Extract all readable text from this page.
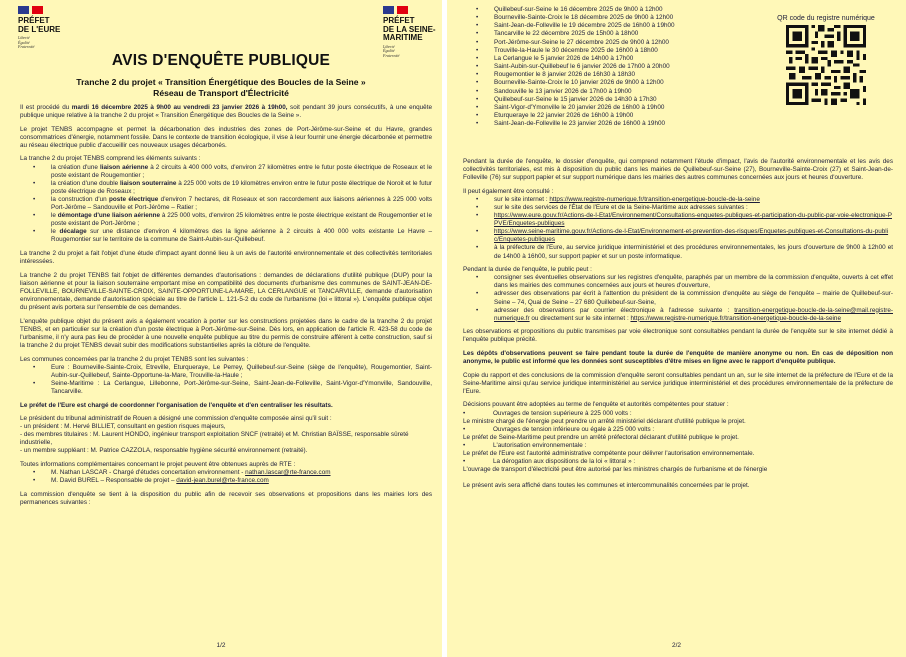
PRÉFET
DE L'EURE
Liberté
Égalité
Fraternité
PRÉFET
DE LA SEINE-
MARITIME
Liberté
Égalité
Fraternité
AVIS D'ENQUÊTE PUBLIQUE
Tranche 2 du projet « Transition Énergétique des Boucles de la Seine »
Réseau de Transport d'Électricité

Il est procédé du mardi 16 décembre 2025 à 9h00 au vendredi 23 janvier 2026 à 19h00, soit pendant 39 jours consécutifs, à une enquête publique unique relative à la tranche 2 du projet « Transition Énergétique des Boucles de la Seine ».

Le projet TENBS accompagne et permet la décarbonation des industries des zones de Port-Jérôme-sur-Seine et du Havre, grandes consommatrices d'énergie, notamment fossile. Dans le contexte de transition écologique, il vise à leur fournir une énergie décarbonée et permettre au réseau électrique public d'accueillir ces nouveaux usages décarbonés.

La tranche 2 du projet TENBS comprend les éléments suivants :

• la création d'une liaison aérienne à 2 circuits à 400 000 volts, d'environ 27 kilomètres entre le futur poste électrique de Roseaux et le poste existant de Rougemontier ;
• la création d'une double liaison souterraine à 225 000 volts de 19 kilomètres environ entre le futur poste électrique de Noroit et le futur poste électrique de Roseaux ;
• la construction d'un poste électrique d'environ 7 hectares, dit Roseaux et son raccordement aux liaisons aériennes à 225 000 volts Port-Jérôme – Sandouville et Port-Jérôme – Ratier ;
• le démontage d'une liaison aérienne à 225 000 volts, d'environ 25 kilomètres entre le poste électrique existant de Rougemontier et le poste existant de Port-Jérôme ;
• le décalage sur une distance d'environ 4 kilomètres des la ligne aérienne à 2 circuits à 400 000 volts existante Le Havre – Rougemontier sur le territoire de la commune de Saint-Aubin-sur-Quillebeuf.

La tranche 2 du projet a fait l'objet d'une étude d'impact ayant donné lieu à un avis de l'autorité environnementale et des collectivités territoriales intéressées.

La tranche 2 du projet TENBS fait l'objet de différentes demandes d'autorisations : demandes de déclarations d'utilité publique (DUP) pour la liaison aérienne et pour la liaison souterraine emportant mise en compatibilité des documents d'urbanisme des communes de SAINT-JEAN-DE-FOLLEVILLE, BOURNEVILLE-SAINTE-CROIX, SAINTE-OPPORTUNE-LA-MARE, LA CERLANGUE et TANCARVILLE, demande d'autorisation environnementale, demande d'autorisation spéciale au titre de l'article L. 121-5-2 du code de l'urbanisme (loi « littoral »). L'enquête publique objet du présent avis portera sur l'ensemble de ces demandes.

L'enquête publique objet du présent avis a également vocation à porter sur les constructions projetées dans le cadre de la tranche 2 du projet TENBS, et en particulier sur la création d'un poste électrique à Port-Jérôme-sur-Seine. Dès lors, en application de l'article R. 423-58 du code de l'urbanisme, il n'y aura pas lieu de procéder à une nouvelle enquête publique au titre du permis de construire afférent à cette construction, sauf si la tranche 2 du projet TENBS devait subir des modifications substantielles après la clôture de l'enquête.

Les communes concernées par la tranche 2 du projet TENBS sont les suivantes :

• Eure : Bourneville-Sainte-Croix, Etreville, Eturqueraye, Le Perrey, Quillebeuf-sur-Seine (siège de l'enquête), Rougemontier, Saint-Aubin-sur-Quillebeuf, Sainte-Opportune-la-Mare, Trouville-la-Haule ;
• Seine-Maritime : La Cerlangue, Lillebonne, Port-Jérôme-sur-Seine, Saint-Jean-de-Folleville, Saint-Vigor-d'Ymonville, Sandouville, Tancarville.

Le préfet de l'Eure est chargé de coordonner l'organisation de l'enquête et d'en centraliser les résultats.

Le président du tribunal administratif de Rouen a désigné une commission d'enquête composée ainsi qu'il suit :
- un président : M. Hervé BILLIET, consultant en gestion risques majeurs,
- des membres titulaires : M. Laurent HONDO, ingénieur transport exploitation SNCF (retraité) et M. Christian BAÏSSE, responsable sûreté industrielle,
- un membre suppléant : M. Patrice CAZZOLA, responsable hygiène sécurité environnement (retraité).

Toutes informations complémentaires concernant le projet peuvent être obtenues auprès de RTE :

• M. Nathan LASCAR - Chargé d'études concertation environnement - nathan.lascar@rte-france.com
• M. David BUREL – Responsable de projet – david-jean.burel@rte-france.com

La commission d'enquête se tient à la disposition du public afin de recevoir ses observations et propositions dans les mairies lors des permanences suivantes :

1/2
• Quillebeuf-sur-Seine le 16 décembre 2025 de 9h00 à 12h00
• Bourneville-Sainte-Croix le 18 décembre 2025 de 9h00 à 12h00
• Saint-Jean-de-Folleville le 19 décembre 2025 de 16h00 à 19h00
• Tancarville le 22 décembre 2025 de 15h00 à 18h00
• Port-Jérôme-sur-Seine le 27 décembre 2025 de 9h00 à 12h00
• Trouville-la-Haule le 30 décembre 2025 de 16h00 à 18h00
• La Cerlangue le 5 janvier 2026 de 14h00 à 17h00
• Saint-Aubin-sur-Quillebeuf le 6 janvier 2026 de 17h00 à 20h00
• Rougemontier le 8 janvier 2026 de 16h30 à 18h30
• Bourneville-Sainte-Croix le 10 janvier 2026 de 9h00 à 12h00
• Sandouville le 13 janvier 2026 de 17h00 à 19h00
• Quillebeuf-sur-Seine le 15 janvier 2026 de 14h30 à 17h30
• Saint-Vigor-d'Ymonville le 20 janvier 2026 de 16h00 à 19h00
• Eturqueraye le 22 janvier 2026 de 16h00 à 19h00
• Saint-Jean-de-Folleville le 23 janvier 2026 de 16h00 à 19h00
QR code du registre numérique

Pendant la durée de l'enquête, le dossier d'enquête, qui comprend notamment l'étude d'impact, l'avis de l'autorité environnementale et les avis des collectivités territoriales, est mis à disposition du public dans les mairies de Quillebeuf-sur-Seine (27), Bourneville-Sainte-Croix (27) et Saint-Jean-de-Folleville (76) sur support papier et sur support numérique dans les mairies des autres communes concernées aux jours et heures d'ouverture.

Il peut également être consulté :

• sur le site internet : https://www.registre-numerique.fr/transition-energetique-boucle-de-la-seine
• sur le site des services de l'État de l'Eure et de la Seine-Maritime aux adresses suivantes :
• https://www.eure.gouv.fr/Actions-de-l-Etat/Environnement/Consultations-enquetes-publiques-et-participation-du-public-par-voie-electronique-PPVE/Enquetes-publiques
• https://www.seine-maritime.gouv.fr/Actions-de-l-Etat/Environnement-et-prevention-des-risques/Enquetes-publiques-et-Consultations-du-public/Enquetes-publiques
• à la préfecture de l'Eure, au service juridique interministériel et des procédures environnementales, les jours d'ouverture de 9h00 à 12h00 et de 14h00 à 16h00, sur support papier et sur un poste informatique.

Pendant la durée de l'enquête, le public peut :

• consigner ses éventuelles observations sur les registres d'enquête, paraphés par un membre de la commission d'enquête, ouverts à cet effet dans les mairies des communes concernées aux jours et heures d'ouverture,
• adresser des observations par écrit à l'attention du président de la commission d'enquête au siège de l'enquête – mairie de Quillebeuf-sur-Seine – 74, Quai de Seine – 27 680 Quillebeuf-sur-Seine,
• adresser des observations par courrier électronique à l'adresse suivante : transition-energetique-boucle-de-la-seine@mail.registre-numerique.fr ou directement sur le site internet : https://www.registre-numerique.fr/transition-energetique-boucle-de-la-seine

Les observations et propositions du public transmises par voie électronique sont consultables pendant la durée de l'enquête sur le site internet dédié à l'enquête publique précité.

Les dépôts d'observations peuvent se faire pendant toute la durée de l'enquête de manière anonyme ou non. En cas de déposition non anonyme, le public est informé que les données sont susceptibles d'être mises en ligne avec le rapport d'enquête publique.

Copie du rapport et des conclusions de la commission d'enquête seront consultables pendant un an, sur le site internet de la préfecture de l'Eure et de la Seine-Maritime ainsi qu'au service juridique interministériel au service juridique interministériel et des procédures environnementale de la préfecture de l'Eure.

Décisions pouvant être adoptées au terme de l'enquête et autorités compétentes pour statuer :

•	Ouvrages de tension supérieure à 225 000 volts :

Le ministre chargé de l'énergie peut prendre un arrêté ministériel déclarant d'utilité publique le projet.

•	Ouvrages de tension inférieure ou égale à 225 000 volts :

Le préfet de Seine-Maritime peut prendre un arrêté préfectoral déclarant d'utilité publique le projet.

•	L'autorisation environnementale :

Le préfet de l'Eure est l'autorité administrative compétente pour délivrer l'autorisation environnementale.

•	La dérogation aux dispositions de la loi « littoral » :

L'ouvrage de transport d'électricité peut être autorisé par les ministres chargés de l'urbanisme et de l'énergie

Le présent avis sera affiché dans toutes les communes et intercommunalités concernées par le projet.

2/2
